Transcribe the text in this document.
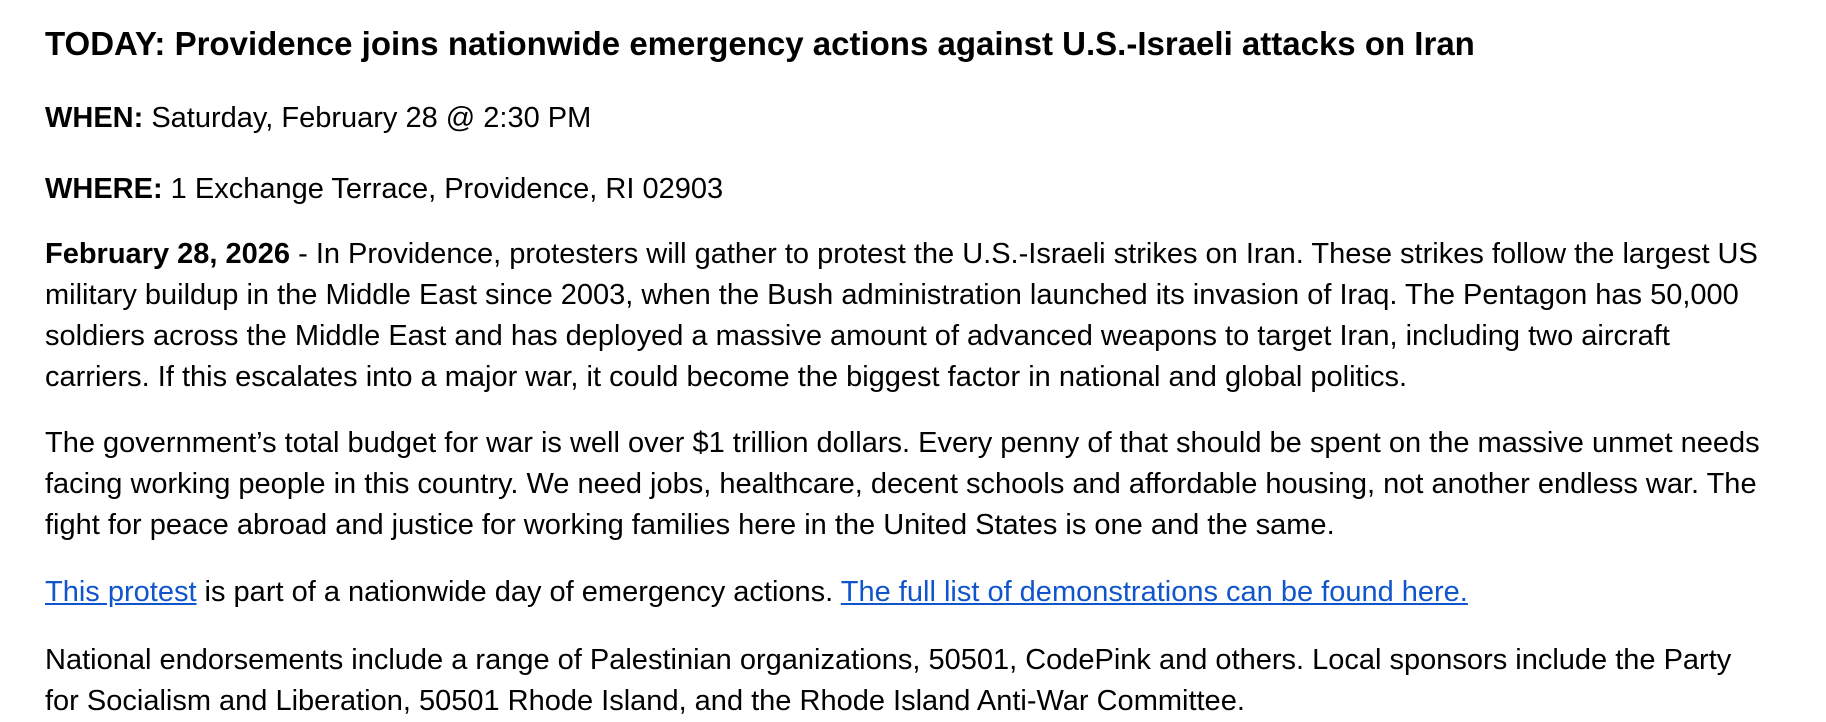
TODAY: Providence joins nationwide emergency actions against U.S.-Israeli attacks on Iran

WHEN: Saturday, February 28 @ 2:30 PM

WHERE: 1 Exchange Terrace, Providence, RI 02903

February 28, 2026 - In Providence, protesters will gather to protest the U.S.-Israeli strikes on Iran. These strikes follow the largest US
military buildup in the Middle East since 2003, when the Bush administration launched its invasion of Iraq. The Pentagon has 50,000
soldiers across the Middle East and has deployed a massive amount of advanced weapons to target Iran, including two aircraft
carriers. If this escalates into a major war, it could become the biggest factor in national and global politics.

The government’s total budget for war is well over $1 trillion dollars. Every penny of that should be spent on the massive unmet needs
facing working people in this country. We need jobs, healthcare, decent schools and affordable housing, not another endless war. The
fight for peace abroad and justice for working families here in the United States is one and the same.

This protest is part of a nationwide day of emergency actions. The full list of demonstrations can be found here.

National endorsements include a range of Palestinian organizations, 50501, CodePink and others. Local sponsors include the Party
for Socialism and Liberation, 50501 Rhode Island, and the Rhode Island Anti-War Committee.
